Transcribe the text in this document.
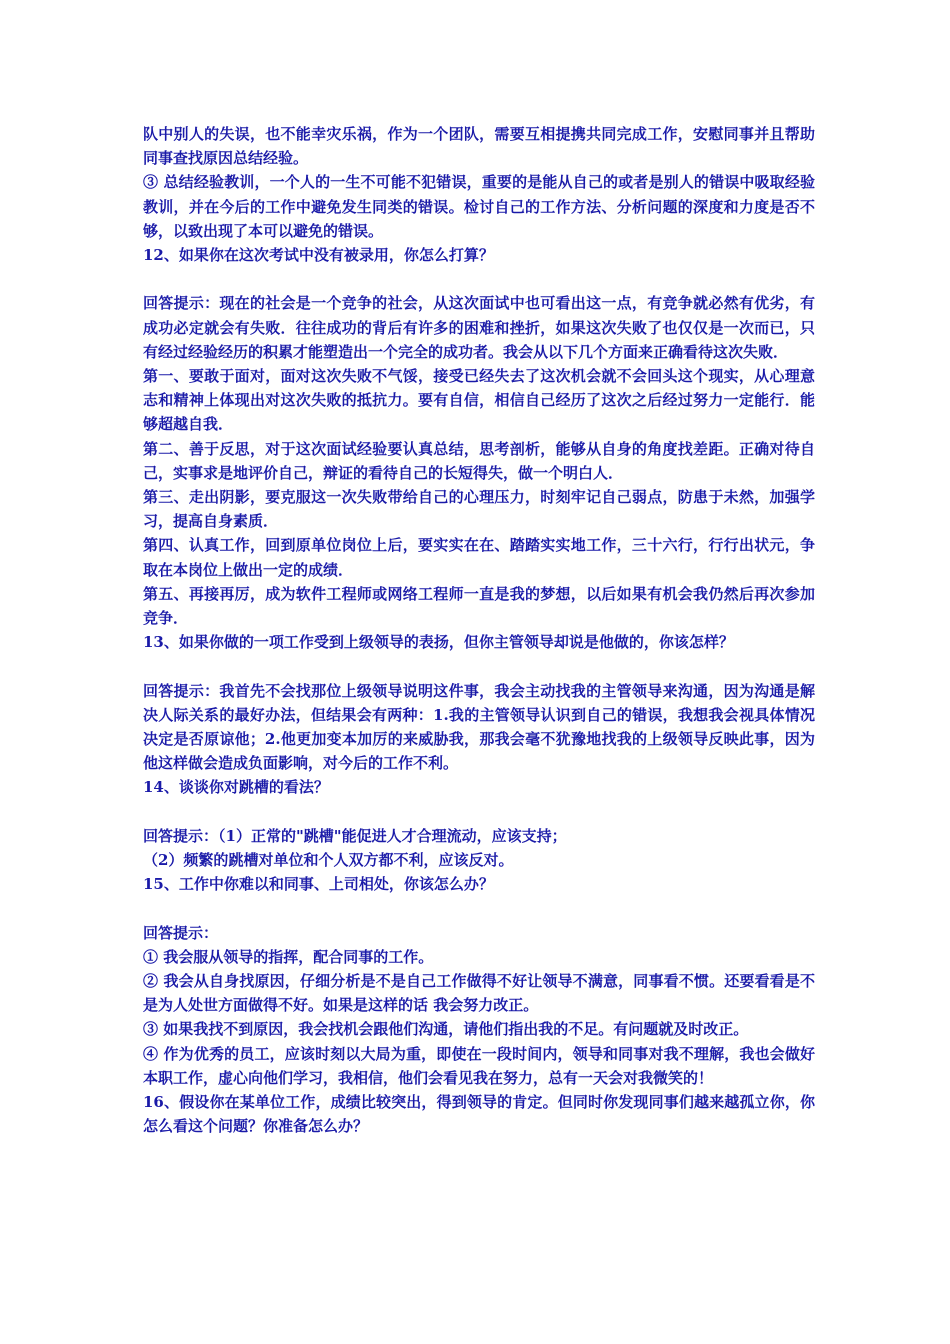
队中别人的失误，也不能幸灾乐祸，作为一个团队，需要互相提携共同完成工作，安慰同事并且帮助同事查找原因总结经验。

③ 总结经验教训，一个人的一生不可能不犯错误，重要的是能从自己的或者是别人的错误中吸取经验教训，并在今后的工作中避免发生同类的错误。检讨自己的工作方法、分析问题的深度和力度是否不够，以致出现了本可以避免的错误。

12、如果你在这次考试中没有被录用，你怎么打算？

回答提示：现在的社会是一个竞争的社会，从这次面试中也可看出这一点，有竞争就必然有优劣，有成功必定就会有失败．往往成功的背后有许多的困难和挫折，如果这次失败了也仅仅是一次而已，只有经过经验经历的积累才能塑造出一个完全的成功者。我会从以下几个方面来正确看待这次失败．

第一、要敢于面对，面对这次失败不气馁，接受已经失去了这次机会就不会回头这个现实，从心理意志和精神上体现出对这次失败的抵抗力。要有自信，相信自己经历了这次之后经过努力一定能行．能够超越自我．

第二、善于反思，对于这次面试经验要认真总结，思考剖析，能够从自身的角度找差距。正确对待自己，实事求是地评价自己，辩证的看待自己的长短得失，做一个明白人．

第三、走出阴影，要克服这一次失败带给自己的心理压力，时刻牢记自己弱点，防患于未然，加强学习，提高自身素质．

第四、认真工作，回到原单位岗位上后，要实实在在、踏踏实实地工作，三十六行，行行出状元，争取在本岗位上做出一定的成绩．

第五、再接再厉，成为软件工程师或网络工程师一直是我的梦想，以后如果有机会我仍然后再次参加竞争．

13、如果你做的一项工作受到上级领导的表扬，但你主管领导却说是他做的，你该怎样？

回答提示：我首先不会找那位上级领导说明这件事，我会主动找我的主管领导来沟通，因为沟通是解决人际关系的最好办法，但结果会有两种：1.我的主管领导认识到自己的错误，我想我会视具体情况决定是否原谅他；2.他更加变本加厉的来威胁我，那我会毫不犹豫地找我的上级领导反映此事，因为他这样做会造成负面影响，对今后的工作不利。

14、谈谈你对跳槽的看法？

回答提示：（1）正常的"跳槽"能促进人才合理流动，应该支持；

（2）频繁的跳槽对单位和个人双方都不利，应该反对。

15、工作中你难以和同事、上司相处，你该怎么办？

回答提示：

① 我会服从领导的指挥，配合同事的工作。

② 我会从自身找原因，仔细分析是不是自己工作做得不好让领导不满意，同事看不惯。还要看看是不是为人处世方面做得不好。如果是这样的话 我会努力改正。

③ 如果我找不到原因，我会找机会跟他们沟通，请他们指出我的不足。有问题就及时改正。

④ 作为优秀的员工，应该时刻以大局为重，即使在一段时间内，领导和同事对我不理解，我也会做好本职工作，虚心向他们学习，我相信，他们会看见我在努力，总有一天会对我微笑的！

16、假设你在某单位工作，成绩比较突出，得到领导的肯定。但同时你发现同事们越来越孤立你，你怎么看这个问题？你准备怎么办？
